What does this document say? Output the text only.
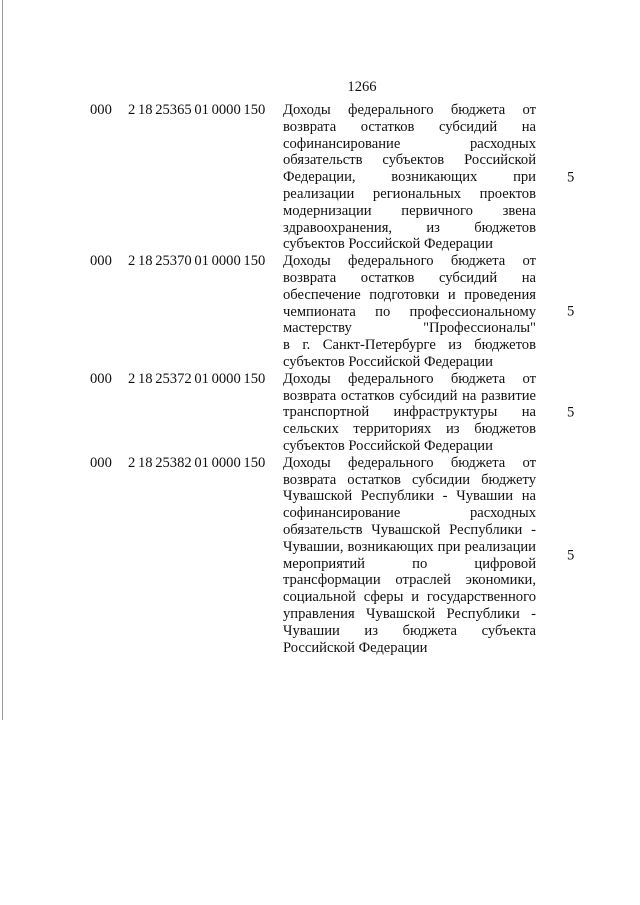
1266
000	2 18 25365 01 0000 150	Доходы федерального бюджета от
возврата остатков субсидий на
софинансирование расходных
обязательств субъектов Российской
Федерации, возникающих при
реализации региональных проектов
модернизации первичного звена
здравоохранения, из бюджетов
субъектов Российской Федерации
5
000	2 18 25370 01 0000 150	Доходы федерального бюджета от
возврата остатков субсидий на
обеспечение подготовки и проведения
чемпионата по профессиональному
мастерству "Профессионалы"
в г. Санкт-Петербурге из бюджетов
субъектов Российской Федерации
5
000	2 18 25372 01 0000 150	Доходы федерального бюджета от
возврата остатков субсидий на развитие
транспортной инфраструктуры на
сельских территориях из бюджетов
субъектов Российской Федерации
5
000	2 18 25382 01 0000 150	Доходы федерального бюджета от
возврата остатков субсидии бюджету
Чувашской Республики - Чувашии на
софинансирование расходных
обязательств Чувашской Республики -
Чувашии, возникающих при реализации
мероприятий по цифровой
трансформации отраслей экономики,
социальной сферы и государственного
управления Чувашской Республики -
Чувашии из бюджета субъекта
Российской Федерации
5
